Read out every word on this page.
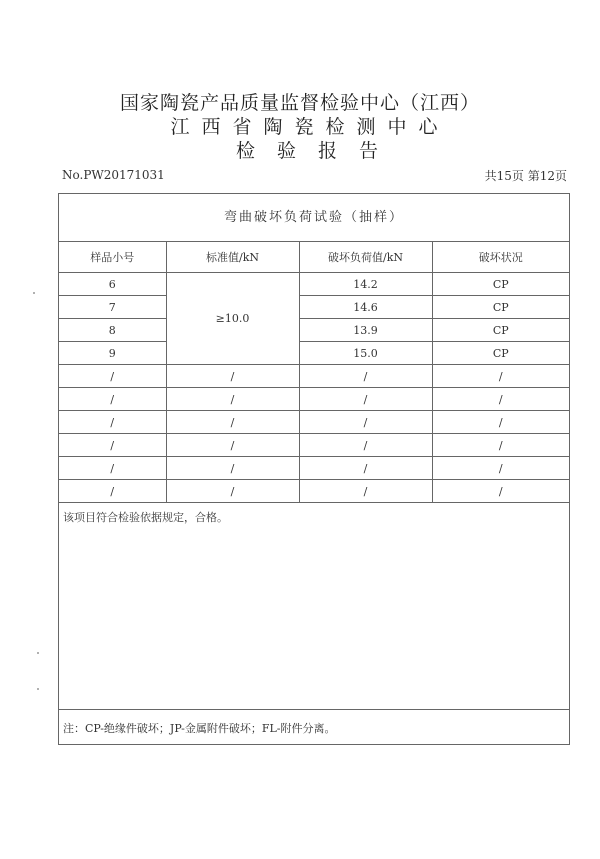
国家陶瓷产品质量监督检验中心（江西）
江西省陶瓷检测中心
检验报告
No.PW20171031	共15页 第12页
弯曲破坏负荷试验（抽样）
样品小号	标准值/kN	破坏负荷值/kN	破坏状况
6	≥10.0	14.2	CP
7		14.6	CP
8		13.9	CP
9		15.0	CP
/	/	/	/
/	/	/	/
/	/	/	/
/	/	/	/
/	/	/	/
/	/	/	/
该项目符合检验依据规定，合格。
注：CP-绝缘件破坏；JP-金属附件破坏；FL-附件分离。
